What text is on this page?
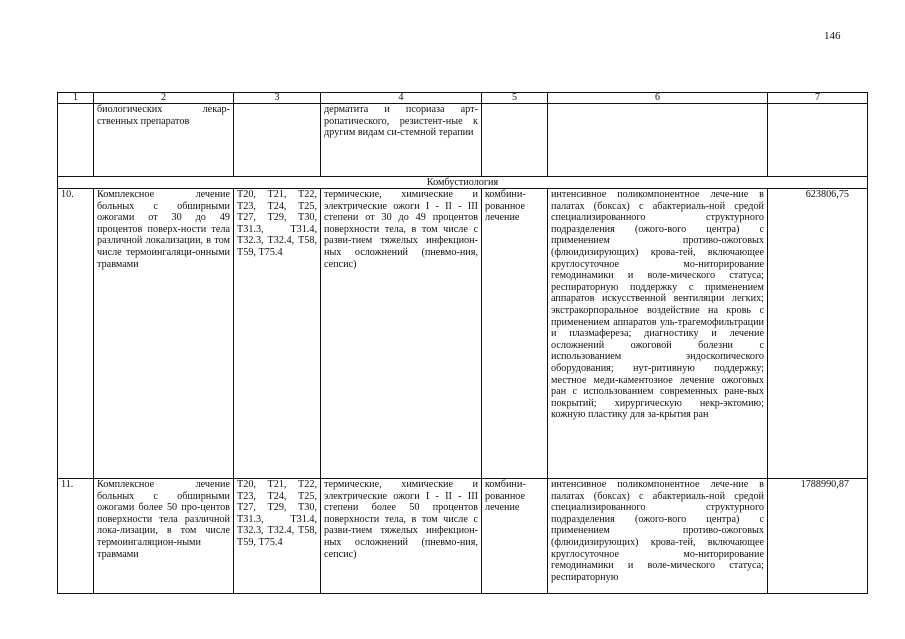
146
1	2	3	4	5	6	7
	биологических лекар-ственных препаратов		дерматита и псориаза арт-ропатического, резистент-ные к другим видам си-стемной терапии			
Комбустиология						
10.	Комплексное лечение больных с обширными ожогами от 30 до 49 процентов поверх-ности тела различной локализации, в том числе термоингаляци-онными травмами	Т20, Т21, Т22, Т23, Т24, Т25, Т27, Т29, Т30, Т31.3, Т31.4, Т32.3, Т32.4, Т58, Т59, Т75.4	термические, химические и электрические ожоги I - II - III степени от 30 до 49 процентов поверхности тела, в том числе с разви-тием тяжелых инфекцион-ных осложнений (пневмо-ния, сепсис)	комбини-рованное лечение	интенсивное поликомпонентное лече-ние в палатах (боксах) с абактериаль-ной средой специализированного структурного подразделения (ожого-вого центра) с применением противо-ожоговых (флюидизирующих) крова-тей, включающее круглосуточное мо-ниторирование гемодинамики и воле-мического статуса; респираторную поддержку с применением аппаратов искусственной вентиляции легких; экстракорпоральное воздействие на кровь с применением аппаратов уль-трагемофильтрации и плазмафереза; диагностику и лечение осложнений ожоговой болезни с использованием эндоскопического оборудования; нут-ритивную поддержку; местное меди-каментозное лечение ожоговых ран с использованием современных ране-вых покрытий; хирургическую некр-эктомию; кожную пластику для за-крытия ран	623806,75
11.	Комплексное лечение больных с обширными ожогами более 50 про-центов поверхности тела различной лока-лизации, в том числе термоингаляцион-ными травмами	Т20, Т21, Т22, Т23, Т24, Т25, Т27, Т29, Т30, Т31.3, Т31.4, Т32.3, Т32.4, Т58, Т59, Т75.4	термические, химические и электрические ожоги I - II - III степени более 50 процентов поверхности тела, в том числе с разви-тием тяжелых инфекцион-ных осложнений (пневмо-ния, сепсис)	комбини-рованное лечение	интенсивное поликомпонентное лече-ние в палатах (боксах) с абактериаль-ной средой специализированного структурного подразделения (ожого-вого центра) с применением противо-ожоговых (флюидизирующих) крова-тей, включающее круглосуточное мо-ниторирование гемодинамики и воле-мического статуса; респираторную	1788990,87
